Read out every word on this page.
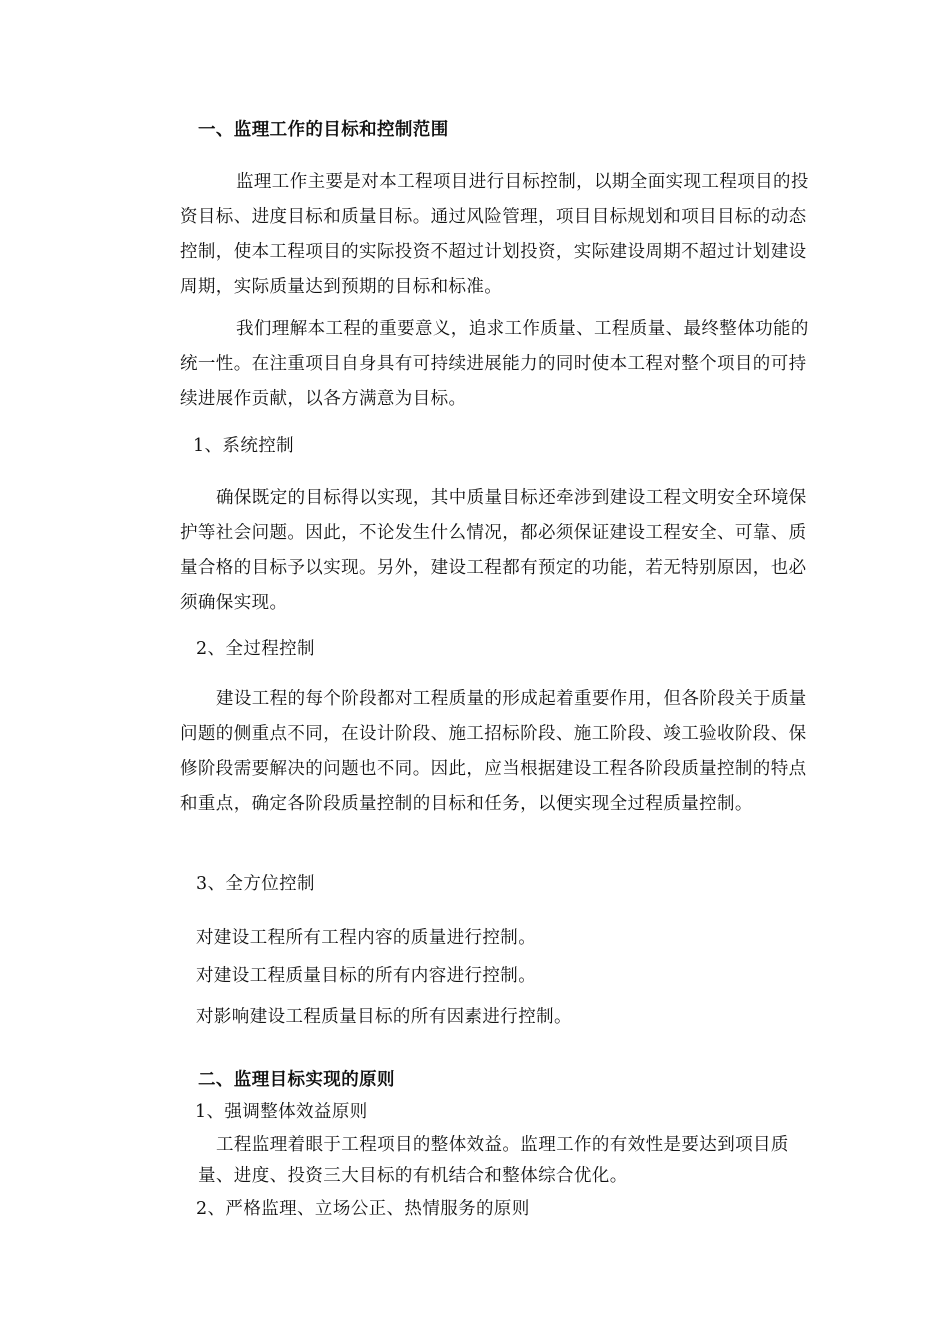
一、监理工作的目标和控制范围

监理工作主要是对本工程项目进行目标控制，以期全面实现工程项目的投资目标、进度目标和质量目标。通过风险管理，项目目标规划和项目目标的动态控制，使本工程项目的实际投资不超过计划投资，实际建设周期不超过计划建设周期，实际质量达到预期的目标和标准。

我们理解本工程的重要意义，追求工作质量、工程质量、最终整体功能的统一性。在注重项目自身具有可持续进展能力的同时使本工程对整个项目的可持续进展作贡献，以各方满意为目标。

1、系统控制

确保既定的目标得以实现，其中质量目标还牵涉到建设工程文明安全环境保护等社会问题。因此，不论发生什么情况，都必须保证建设工程安全、可靠、质量合格的目标予以实现。另外，建设工程都有预定的功能，若无特别原因，也必须确保实现。

2、全过程控制

建设工程的每个阶段都对工程质量的形成起着重要作用，但各阶段关于质量问题的侧重点不同，在设计阶段、施工招标阶段、施工阶段、竣工验收阶段、保修阶段需要解决的问题也不同。因此，应当根据建设工程各阶段质量控制的特点和重点，确定各阶段质量控制的目标和任务，以便实现全过程质量控制。

3、全方位控制

对建设工程所有工程内容的质量进行控制。

对建设工程质量目标的所有内容进行控制。

对影响建设工程质量目标的所有因素进行控制。

二、监理目标实现的原则

1、强调整体效益原则

工程监理着眼于工程项目的整体效益。监理工作的有效性是要达到项目质量、进度、投资三大目标的有机结合和整体综合优化。

2、严格监理、立场公正、热情服务的原则
